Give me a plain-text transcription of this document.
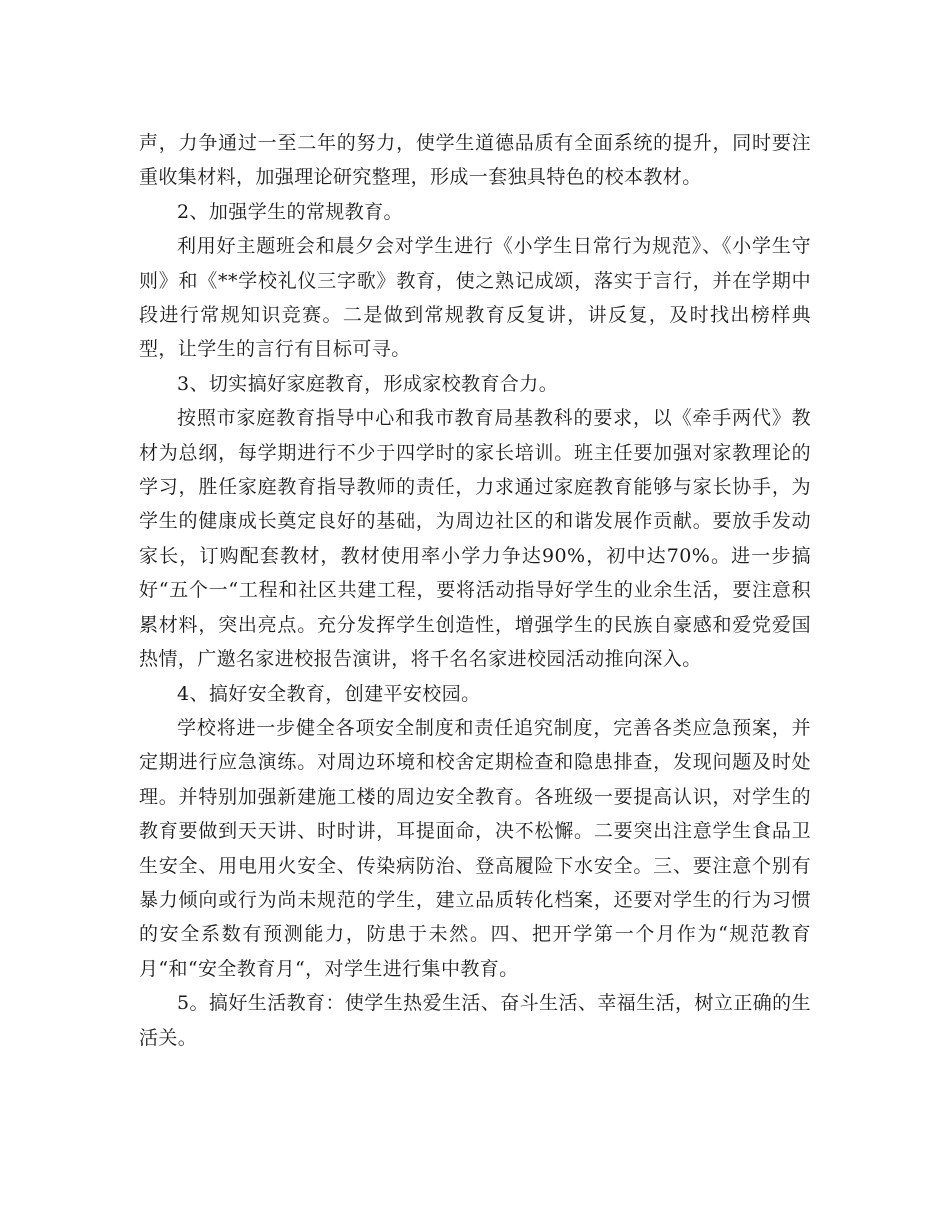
声，力争通过一至二年的努力，使学生道德品质有全面系统的提升，同时要注重收集材料，加强理论研究整理，形成一套独具特色的校本教材。

2、加强学生的常规教育。

利用好主题班会和晨夕会对学生进行《小学生日常行为规范》、《小学生守则》和《**学校礼仪三字歌》教育，使之熟记成颂，落实于言行，并在学期中段进行常规知识竞赛。二是做到常规教育反复讲，讲反复，及时找出榜样典型，让学生的言行有目标可寻。

3、切实搞好家庭教育，形成家校教育合力。

按照市家庭教育指导中心和我市教育局基教科的要求，以《牵手两代》教材为总纲，每学期进行不少于四学时的家长培训。班主任要加强对家教理论的学习，胜任家庭教育指导教师的责任，力求通过家庭教育能够与家长协手，为学生的健康成长奠定良好的基础，为周边社区的和谐发展作贡献。要放手发动家长，订购配套教材，教材使用率小学力争达90%，初中达70%。进一步搞好“五个一“工程和社区共建工程，要将活动指导好学生的业余生活，要注意积累材料，突出亮点。充分发挥学生创造性，增强学生的民族自豪感和爱党爱国热情，广邀名家进校报告演讲，将千名名家进校园活动推向深入。

4、搞好安全教育，创建平安校园。

学校将进一步健全各项安全制度和责任追究制度，完善各类应急预案，并定期进行应急演练。对周边环境和校舍定期检查和隐患排查，发现问题及时处理。并特别加强新建施工楼的周边安全教育。各班级一要提高认识，对学生的教育要做到天天讲、时时讲，耳提面命，决不松懈。二要突出注意学生食品卫生安全、用电用火安全、传染病防治、登高履险下水安全。三、要注意个别有暴力倾向或行为尚未规范的学生，建立品质转化档案，还要对学生的行为习惯的安全系数有预测能力，防患于未然。四、把开学第一个月作为“规范教育月“和“安全教育月“，对学生进行集中教育。

5。搞好生活教育：使学生热爱生活、奋斗生活、幸福生活，树立正确的生活关。
